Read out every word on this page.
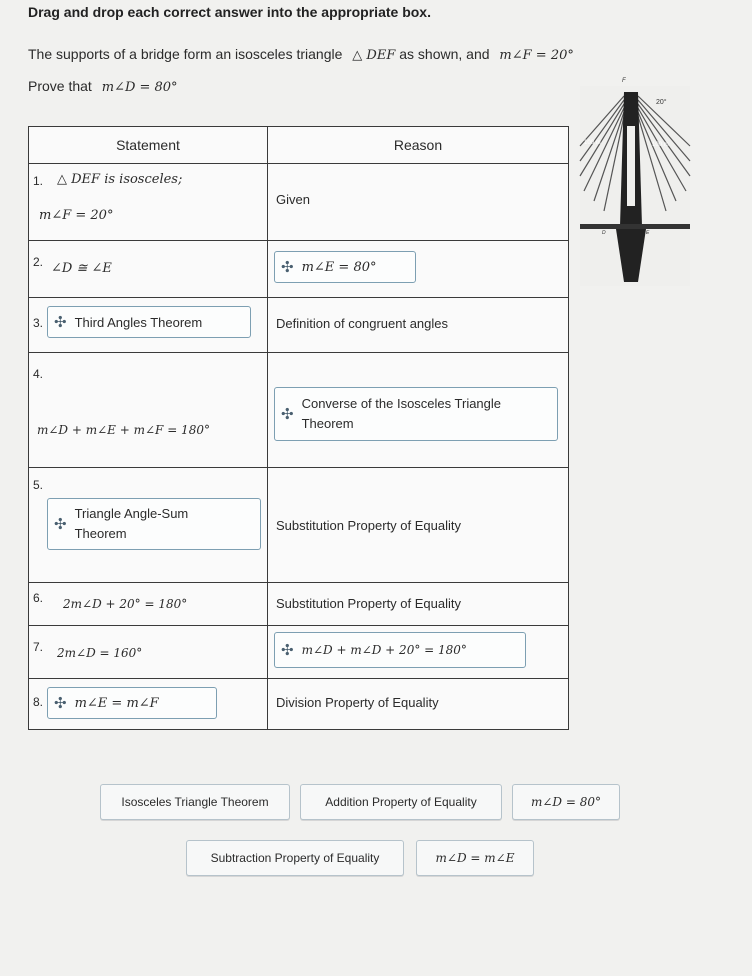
Drag and drop each correct answer into the appropriate box.
The supports of a bridge form an isosceles triangle △ DEF as shown, and m∠F = 20°
Prove that m∠D = 80°	F
20°
100 m	100 m
D	E
Statement	Reason

1. △ DEF is isosceles;
m∠F = 20°	Given

2. ∠D ≅ ∠E	✣ m∠E = 80°

3. ✣ Third Angles Theorem	Definition of congruent angles

4.
m∠D + m∠E + m∠F = 180°	✣
Converse of the Isosceles Triangle Theorem

5.
✣
Triangle Angle-Sum Theorem	Substitution Property of Equality

6. 2m∠D + 20° = 180°	Substitution Property of Equality

7. 2m∠D = 160°	✣ m∠D + m∠D + 20° = 180°

8. ✣ m∠E = m∠F	Division Property of Equality
Isosceles Triangle Theorem	Addition Property of Equality	m∠D = 80°
Subtraction Property of Equality	m∠D = m∠E
